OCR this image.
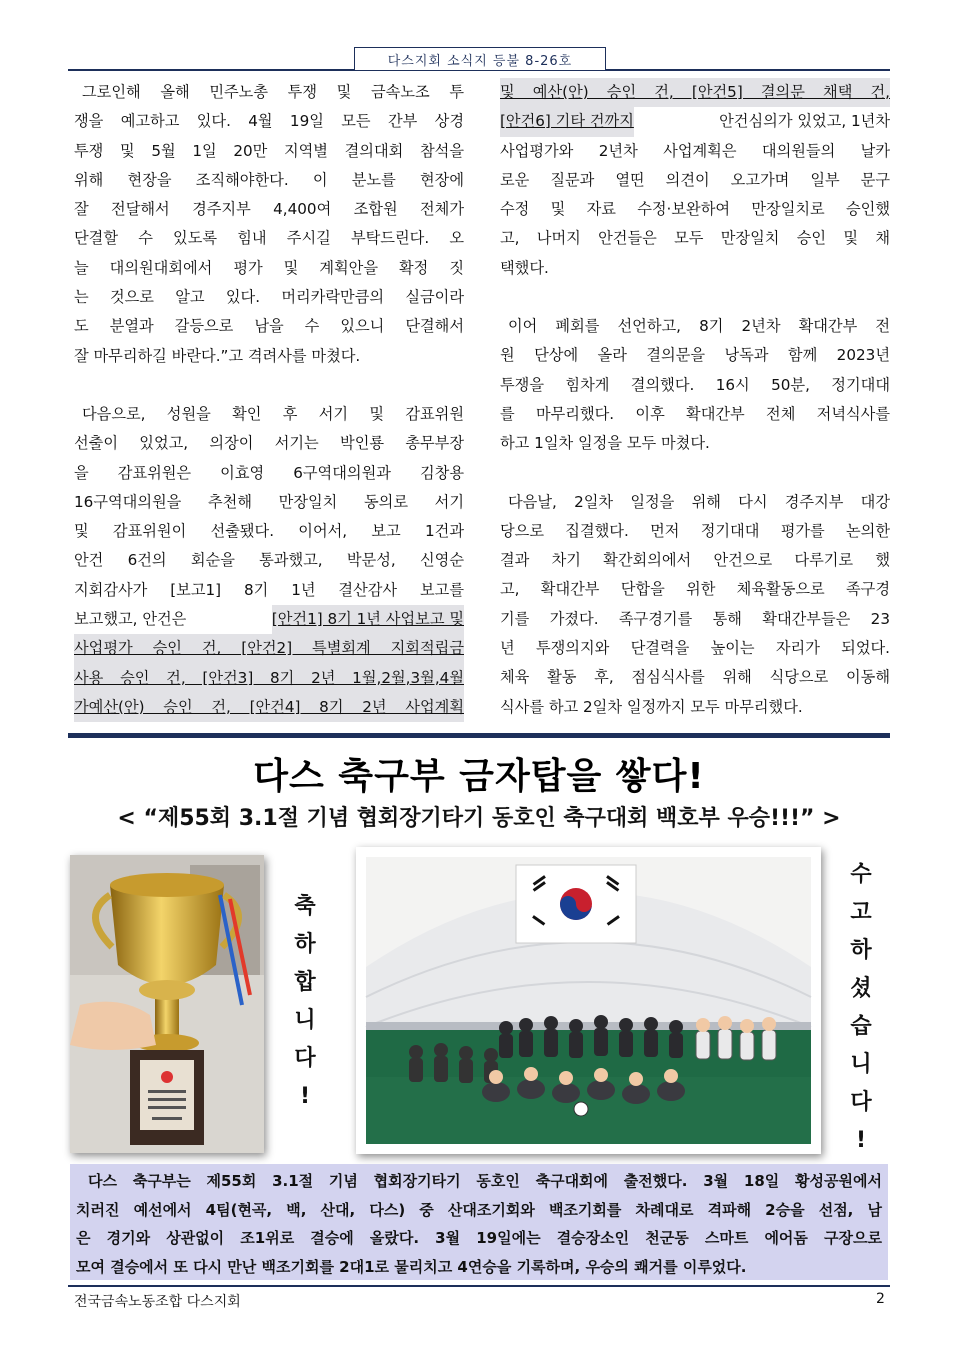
다스지회 소식지 등불 8-26호

그로인해 올해 민주노총 투쟁 및 금속노조 투
쟁을 예고하고 있다. 4월 19일 모든 간부 상경
투쟁 및 5월 1일 20만 지역별 결의대회 참석을
위해 현장을 조직해야한다. 이 분노를 현장에
잘 전달해서 경주지부 4,400여 조합원 전체가
단결할 수 있도록 힘내 주시길 부탁드린다. 오
늘 대의원대회에서 평가 및 계획안을 확정 짓
는 것으로 알고 있다. 머리카락만큼의 실금이라
도 분열과 갈등으로 남을 수 있으니 단결해서
잘 마무리하길 바란다.”고 격려사를 마쳤다.

다음으로, 성원을 확인 후 서기 및 감표위원
선출이 있었고, 의장이 서기는 박인룡 총무부장
을 감표위원은 이효영 6구역대의원과 김창용
16구역대의원을 추천해 만장일치 동의로 서기
및 감표위원이 선출됐다. 이어서, 보고 1건과
안건 6건의 회순을 통과했고, 박문성, 신영순
지회감사가 [보고1] 8기 1년 결산감사 보고를
보고했고, 안건은	[안건1] 8기 1년 사업보고 및
사업평가 승인 건, [안건2] 특별회계 지회적립금
사용 승인 건, [안건3] 8기 2년 1월,2월,3월,4월
가예산(안) 승인 건, [안건4] 8기 2년 사업계획

및 예산(안) 승인 건, [안건5] 결의문 채택 건,
[안건6] 기타 건까지	안건심의가 있었고, 1년차
사업평가와 2년차 사업계획은 대의원들의 날카
로운 질문과 열띤 의견이 오고가며 일부 문구
수정 및 자료 수정·보완하여 만장일치로 승인했
고, 나머지 안건들은 모두 만장일치 승인 및 채
택했다.

이어 폐회를 선언하고, 8기 2년차 확대간부 전
원 단상에 올라 결의문을 낭독과 함께 2023년
투쟁을 힘차게 결의했다. 16시 50분, 정기대대
를 마무리했다. 이후 확대간부 전체 저녁식사를
하고 1일차 일정을 모두 마쳤다.

다음날, 2일차 일정을 위해 다시 경주지부 대강
당으로 집결했다. 먼저 정기대대 평가를 논의한
결과 차기 확간회의에서 안건으로 다루기로 했
고, 확대간부 단합을 위한 체육활동으로 족구경
기를 가졌다. 족구경기를 통해 확대간부들은 23
년 투쟁의지와 단결력을 높이는 자리가 되었다.
체육 활동 후, 점심식사를 위해 식당으로 이동해
식사를 하고 2일차 일정까지 모두 마무리했다.

다스 축구부 금자탑을 쌓다!
< “제55회 3.1절 기념 협회장기타기 동호인 축구대회 백호부 우승!!!” >
축
하
합
니
다
!
수
고
하
셨
습
니
다
!
다스 축구부는 제55회 3.1절 기념 협회장기타기 동호인 축구대회에 출전했다. 3월 18일 황성공원에서
치러진 예선에서 4팀(현곡, 백, 산대, 다스) 중 산대조기회와 백조기회를 차례대로 격파해 2승을 선점, 남
은 경기와 상관없이 조1위로 결승에 올랐다. 3월 19일에는 결승장소인 천군동 스마트 에어돔 구장으로
모여 결승에서 또 다시 만난 백조기회를 2대1로 물리치고 4연승을 기록하며, 우승의 쾌거를 이루었다.
전국금속노동조합 다스지회	2
